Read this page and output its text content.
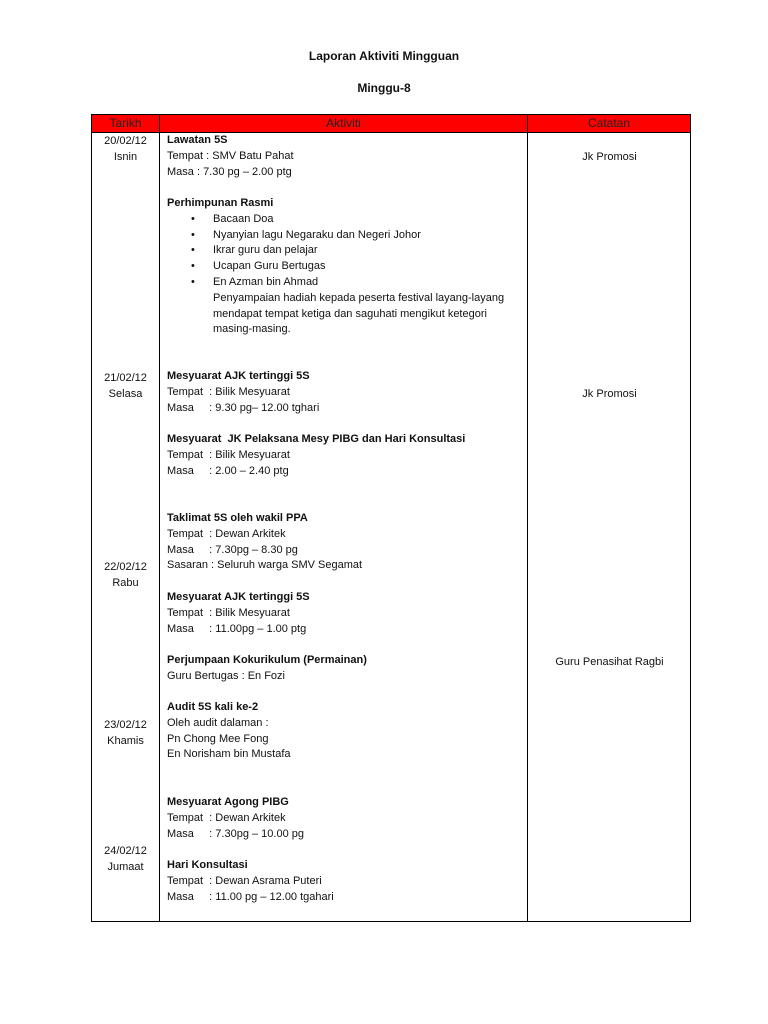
Laporan Aktiviti Mingguan
Minggu-8
Tarikh	Aktiviti	Catatan
20/02/12
Isnin
21/02/12
Selasa
22/02/12
Rabu
23/02/12
Khamis
24/02/12
Jumaat
Lawatan 5S
Tempat : SMV Batu Pahat
Masa : 7.30 pg – 2.00 ptg
Perhimpunan Rasmi
• Bacaan Doa
• Nyanyian lagu Negaraku dan Negeri Johor
• Ikrar guru dan pelajar
• Ucapan Guru Bertugas
• En Azman bin Ahmad
Penyampaian hadiah kepada peserta festival layang-layang
mendapat tempat ketiga dan saguhati mengikut ketegori
masing-masing.
Mesyuarat AJK tertinggi 5S
Tempat  : Bilik Mesyuarat
Masa     : 9.30 pg– 12.00 tghari
Mesyuarat  JK Pelaksana Mesy PIBG dan Hari Konsultasi
Tempat  : Bilik Mesyuarat
Masa     : 2.00 – 2.40 ptg
Taklimat 5S oleh wakil PPA
Tempat  : Dewan Arkitek
Masa     : 7.30pg – 8.30 pg
Sasaran : Seluruh warga SMV Segamat
Mesyuarat AJK tertinggi 5S
Tempat  : Bilik Mesyuarat
Masa     : 11.00pg – 1.00 ptg
Perjumpaan Kokurikulum (Permainan)
Guru Bertugas : En Fozi
Audit 5S kali ke-2
Oleh audit dalaman :
Pn Chong Mee Fong
En Norisham bin Mustafa
Mesyuarat Agong PIBG
Tempat  : Dewan Arkitek
Masa     : 7.30pg – 10.00 pg
Hari Konsultasi
Tempat  : Dewan Asrama Puteri
Masa     : 11.00 pg – 12.00 tgahari
Jk Promosi
Jk Promosi
Guru Penasihat Ragbi
